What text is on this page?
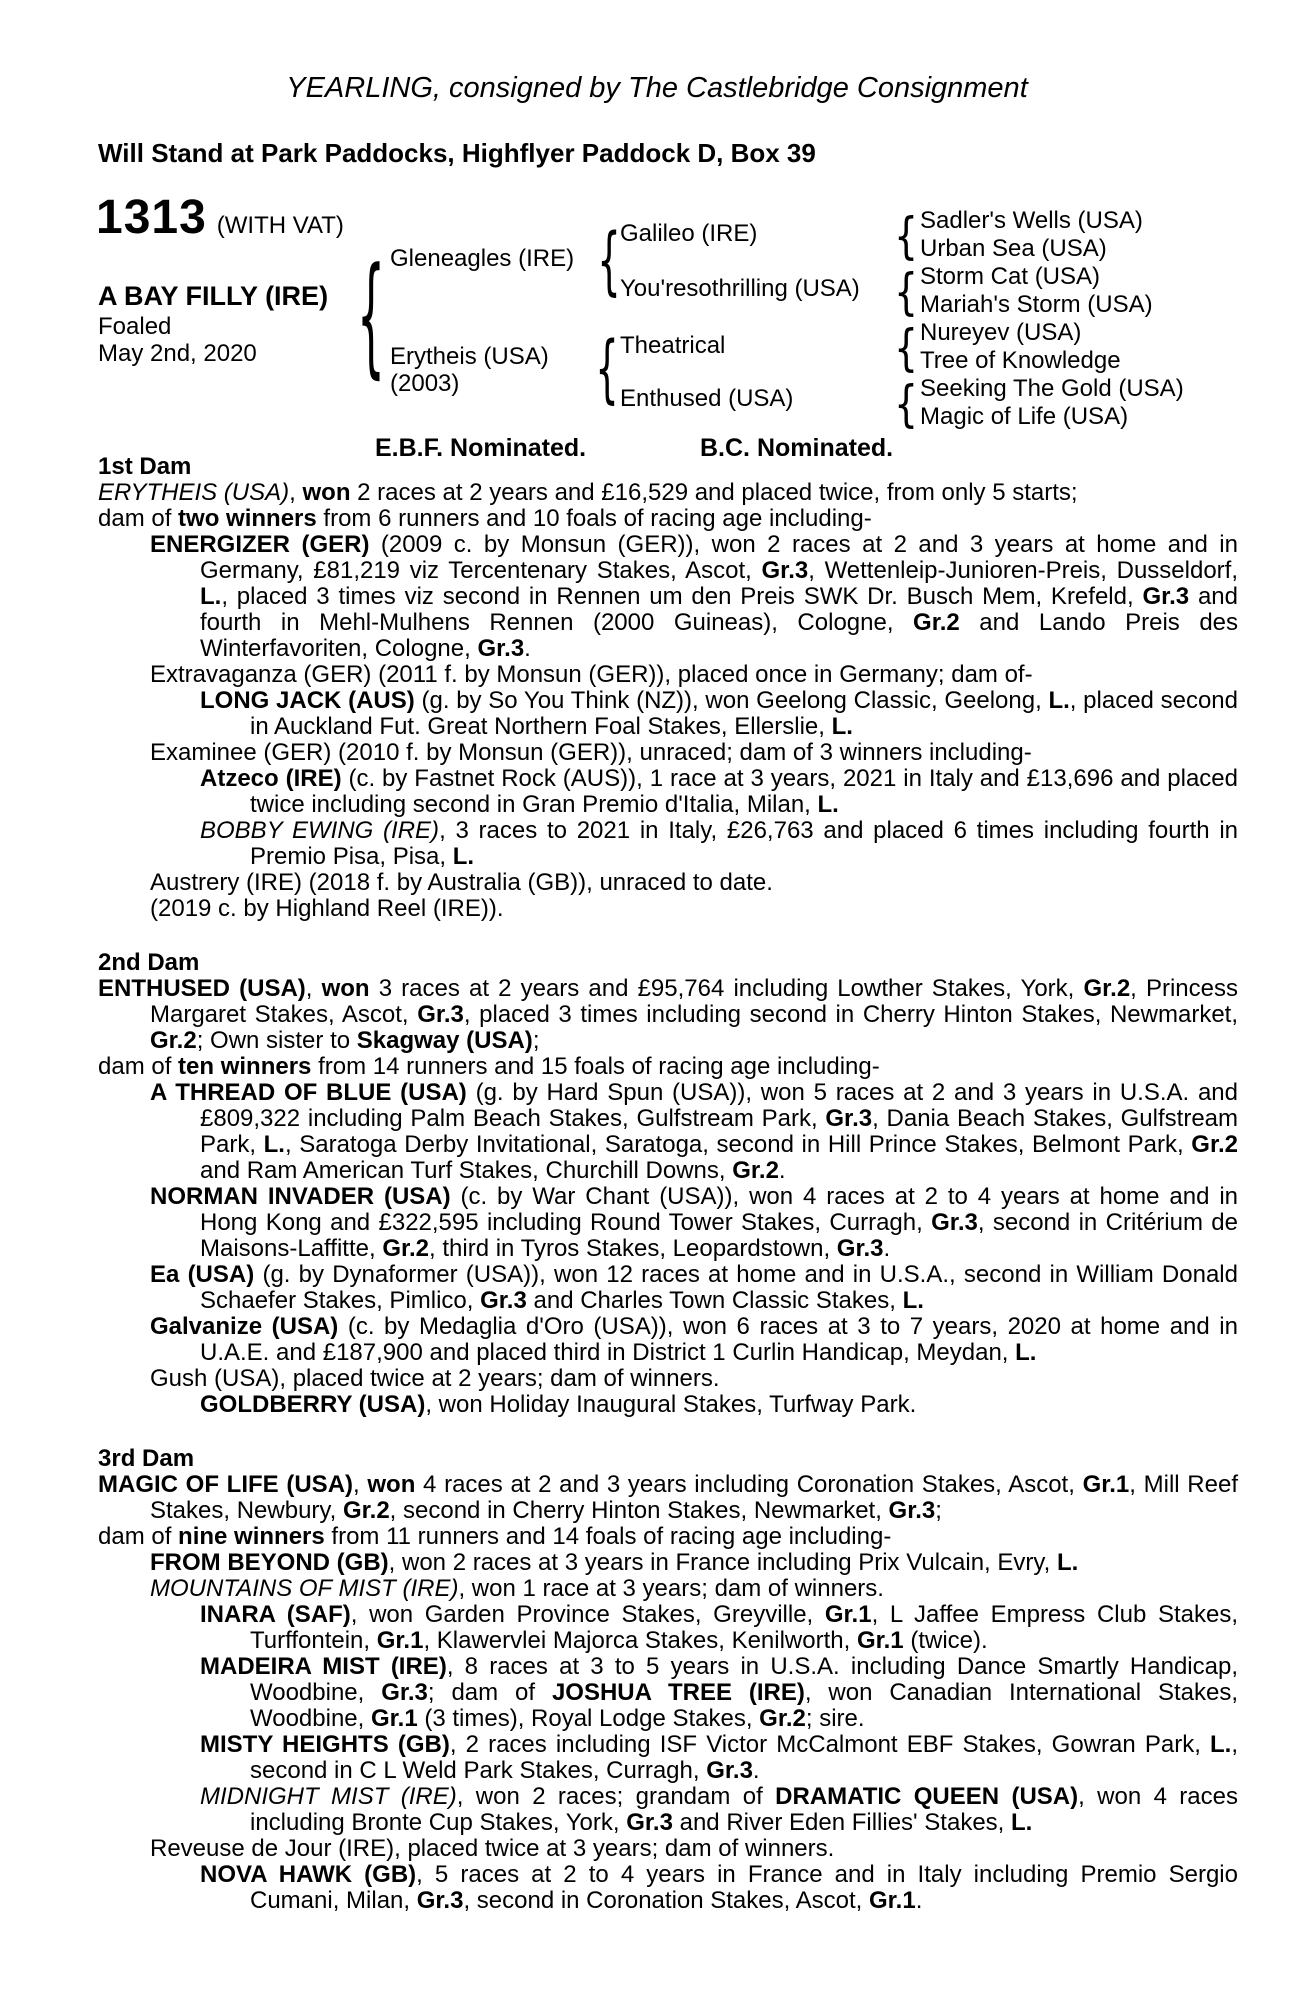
YEARLING, consigned by The Castlebridge Consignment
Will Stand at Park Paddocks, Highflyer Paddock D, Box 39
1313 (WITH VAT)
A BAY FILLY (IRE)
Foaled
May 2nd, 2020 {	{
{
{
{
{
{
Gleneagles (IRE)
Erytheis (USA)
(2003)
Galileo (IRE)
You'resothrilling (USA)
Theatrical
Enthused (USA)
Sadler's Wells (USA)
Urban Sea (USA)
Storm Cat (USA)
Mariah's Storm (USA)
Nureyev (USA)
Tree of Knowledge
Seeking The Gold (USA)
Magic of Life (USA)
E.B.F. Nominated.	B.C. Nominated.
1st Dam
ERYTHEIS (USA), won 2 races at 2 years and £16,529 and placed twice, from only 5 starts;
dam of two winners from 6 runners and 10 foals of racing age including-
ENERGIZER (GER) (2009 c. by Monsun (GER)), won 2 races at 2 and 3 years at home and in Germany, £81,219 viz Tercentenary Stakes, Ascot, Gr.3, Wettenleip-Junioren-Preis, Dusseldorf, L., placed 3 times viz second in Rennen um den Preis SWK Dr. Busch Mem, Krefeld, Gr.3 and fourth in Mehl-Mulhens Rennen (2000 Guineas), Cologne, Gr.2 and Lando Preis des Winterfavoriten, Cologne, Gr.3.
Extravaganza (GER) (2011 f. by Monsun (GER)), placed once in Germany; dam of-
LONG JACK (AUS) (g. by So You Think (NZ)), won Geelong Classic, Geelong, L., placed second in Auckland Fut. Great Northern Foal Stakes, Ellerslie, L.
Examinee (GER) (2010 f. by Monsun (GER)), unraced; dam of 3 winners including-
Atzeco (IRE) (c. by Fastnet Rock (AUS)), 1 race at 3 years, 2021 in Italy and £13,696 and placed twice including second in Gran Premio d'Italia, Milan, L.
BOBBY EWING (IRE), 3 races to 2021 in Italy, £26,763 and placed 6 times including fourth in Premio Pisa, Pisa, L.
Austrery (IRE) (2018 f. by Australia (GB)), unraced to date.
(2019 c. by Highland Reel (IRE)).
2nd Dam
ENTHUSED (USA), won 3 races at 2 years and £95,764 including Lowther Stakes, York, Gr.2, Princess Margaret Stakes, Ascot, Gr.3, placed 3 times including second in Cherry Hinton Stakes, Newmarket, Gr.2; Own sister to Skagway (USA);
dam of ten winners from 14 runners and 15 foals of racing age including-
A THREAD OF BLUE (USA) (g. by Hard Spun (USA)), won 5 races at 2 and 3 years in U.S.A. and £809,322 including Palm Beach Stakes, Gulfstream Park, Gr.3, Dania Beach Stakes, Gulfstream Park, L., Saratoga Derby Invitational, Saratoga, second in Hill Prince Stakes, Belmont Park, Gr.2 and Ram American Turf Stakes, Churchill Downs, Gr.2.
NORMAN INVADER (USA) (c. by War Chant (USA)), won 4 races at 2 to 4 years at home and in Hong Kong and £322,595 including Round Tower Stakes, Curragh, Gr.3, second in Critérium de Maisons-Laffitte, Gr.2, third in Tyros Stakes, Leopardstown, Gr.3.
Ea (USA) (g. by Dynaformer (USA)), won 12 races at home and in U.S.A., second in William Donald Schaefer Stakes, Pimlico, Gr.3 and Charles Town Classic Stakes, L.
Galvanize (USA) (c. by Medaglia d'Oro (USA)), won 6 races at 3 to 7 years, 2020 at home and in U.A.E. and £187,900 and placed third in District 1 Curlin Handicap, Meydan, L.
Gush (USA), placed twice at 2 years; dam of winners.
GOLDBERRY (USA), won Holiday Inaugural Stakes, Turfway Park.
3rd Dam
MAGIC OF LIFE (USA), won 4 races at 2 and 3 years including Coronation Stakes, Ascot, Gr.1, Mill Reef Stakes, Newbury, Gr.2, second in Cherry Hinton Stakes, Newmarket, Gr.3;
dam of nine winners from 11 runners and 14 foals of racing age including-
FROM BEYOND (GB), won 2 races at 3 years in France including Prix Vulcain, Evry, L.
MOUNTAINS OF MIST (IRE), won 1 race at 3 years; dam of winners.
INARA (SAF), won Garden Province Stakes, Greyville, Gr.1, L Jaffee Empress Club Stakes, Turffontein, Gr.1, Klawervlei Majorca Stakes, Kenilworth, Gr.1 (twice).
MADEIRA MIST (IRE), 8 races at 3 to 5 years in U.S.A. including Dance Smartly Handicap, Woodbine, Gr.3; dam of JOSHUA TREE (IRE), won Canadian International Stakes, Woodbine, Gr.1 (3 times), Royal Lodge Stakes, Gr.2; sire.
MISTY HEIGHTS (GB), 2 races including ISF Victor McCalmont EBF Stakes, Gowran Park, L., second in C L Weld Park Stakes, Curragh, Gr.3.
MIDNIGHT MIST (IRE), won 2 races; grandam of DRAMATIC QUEEN (USA), won 4 races including Bronte Cup Stakes, York, Gr.3 and River Eden Fillies' Stakes, L.
Reveuse de Jour (IRE), placed twice at 3 years; dam of winners.
NOVA HAWK (GB), 5 races at 2 to 4 years in France and in Italy including Premio Sergio Cumani, Milan, Gr.3, second in Coronation Stakes, Ascot, Gr.1.
